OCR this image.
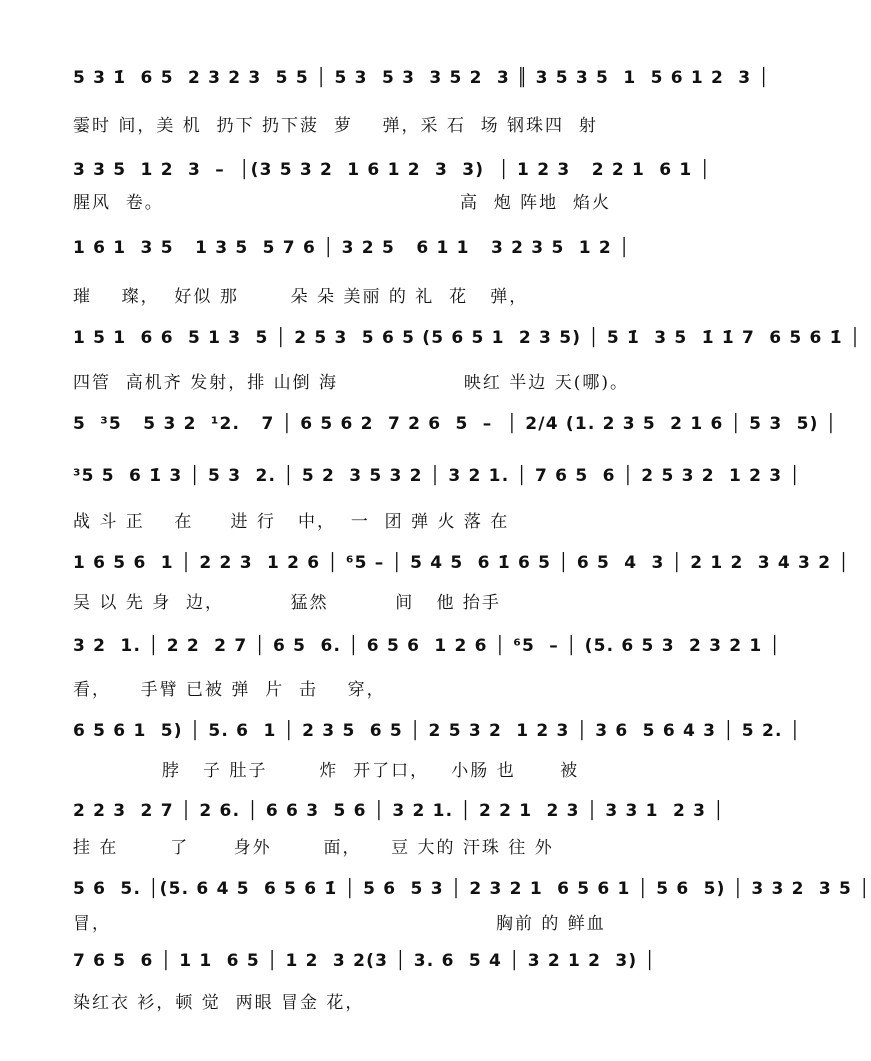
5 3 1̇  6 5  2 3 2 3  5 5 │ 5 3  5 3  3 5 2  3 ║ 3 5 3 5  1  5 6 1 2  3 │
霎时 间，美 机  扔下 扔下菠  萝    弹，采 石  场 钢珠四  射
3 3 5  1 2  3  –  │(3 5 3 2  1 6 1 2  3  3)  │ 1 2 3   2 2 1  6 1 │
腥风  卷。                                        高  炮 阵地  焰火
1 6 1  3 5   1 3 5  5 7 6 │ 3 2 5   6 1 1   3 2 3 5  1 2 │
璀    璨，  好似 那       朵 朵 美丽 的 礼  花   弹，
1 5 1  6 6  5 1 3  5 │ 2 5 3  5 6 5 (5 6 5 1  2 3 5) │ 5 1̇  3 5  1̇ 1̇ 7  6 5 6 1̇ │
四管  高机齐 发射，排 山倒 海                 映红 半边 天(哪)。
5  ³5   5 3 2  ¹2.   7 │ 6 5 6 2  7 2 6  5  –  │ 2/4 (1. 2 3 5  2 1 6 │ 5 3  5) │
³5 5  6 1̇ 3 │ 5 3  2. │ 5 2  3 5 3 2 │ 3 2 1. │ 7 6 5  6 │ 2 5 3 2  1 2 3 │
战 斗 正    在     进 行   中，  一  团 弹 火 落 在
1 6 5 6  1 │ 2 2 3  1 2 6 │ ⁶5 – │ 5 4 5  6 1̇ 6 5 │ 6 5  4  3 │ 2 1 2  3 4 3 2 │
吴 以 先 身  边，         猛然         间   他 抬手
3 2  1. │ 2 2  2 7 │ 6 5  6. │ 6 5 6  1 2 6 │ ⁶5  – │ (5. 6 5 3  2 3 2 1 │
看，    手臂 已被 弹  片  击    穿，
6 5 6 1  5) │ 5. 6  1 │ 2 3 5  6 5 │ 2 5 3 2  1 2 3 │ 3 6  5 6 4 3 │ 5 2. │
脖   子 肚子       炸  开了口，   小肠 也      被
2 2 3  2 7 │ 2 6. │ 6 6 3  5 6 │ 3 2 1. │ 2 2 1  2 3 │ 3 3 1  2 3 │
挂 在       了      身外       面，    豆 大的 汗珠 往 外
5 6  5. │(5. 6 4 5  6 5 6 1̇ │ 5 6  5 3 │ 2 3 2 1  6 5 6 1 │ 5 6  5) │ 3 3 2  3 5 │
冒，                                                    胸前 的 鲜血
7 6 5  6 │ 1 1  6 5 │ 1 2  3 2(3 │ 3. 6  5 4 │ 3 2 1 2  3) │
染红衣 衫，顿 觉  两眼 冒金 花，
